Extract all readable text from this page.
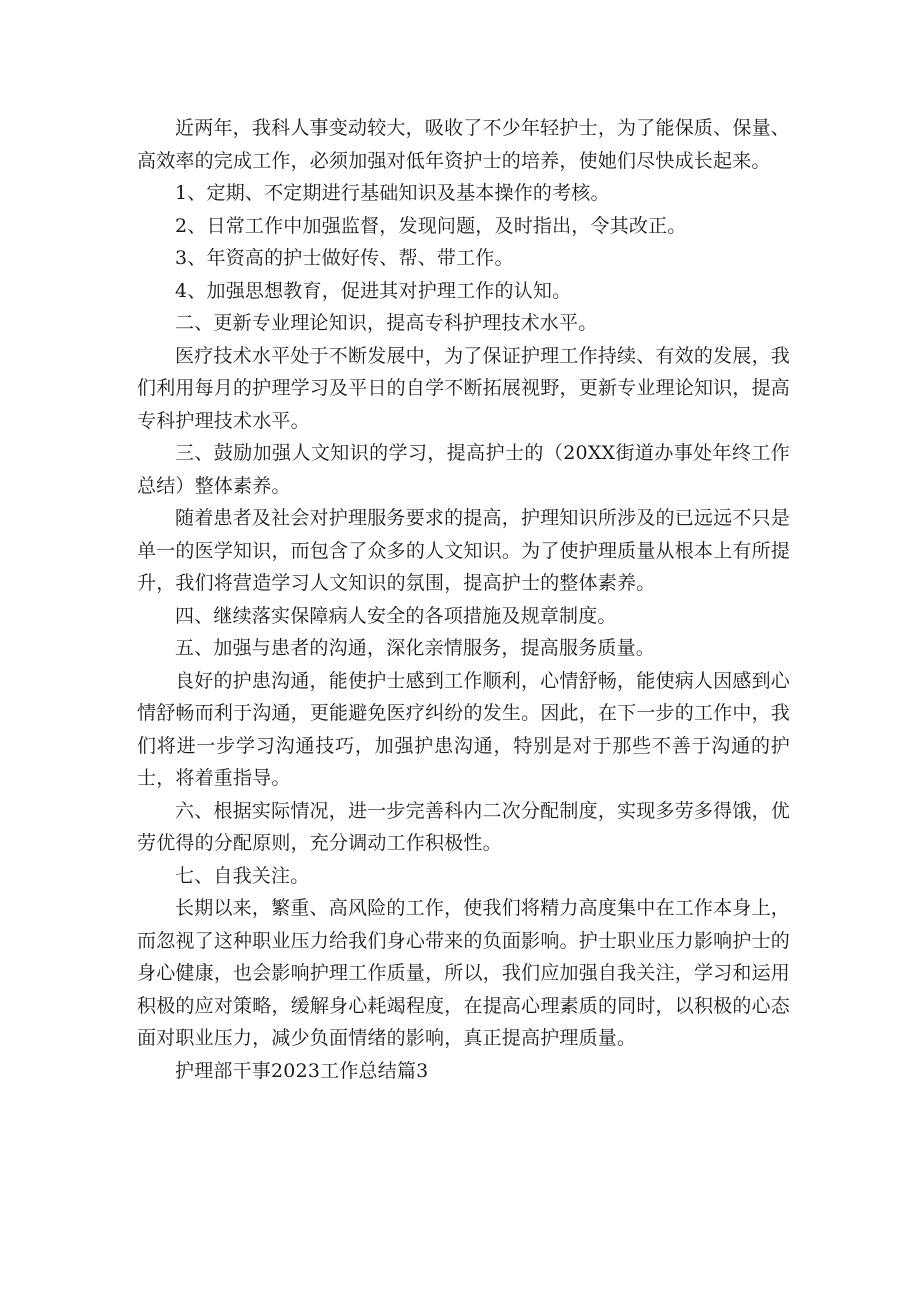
近两年，我科人事变动较大，吸收了不少年轻护士，为了能保质、保量、高效率的完成工作，必须加强对低年资护士的培养，使她们尽快成长起来。

1、定期、不定期进行基础知识及基本操作的考核。

2、日常工作中加强监督，发现问题，及时指出，令其改正。

3、年资高的护士做好传、帮、带工作。

4、加强思想教育，促进其对护理工作的认知。

二、更新专业理论知识，提高专科护理技术水平。

医疗技术水平处于不断发展中，为了保证护理工作持续、有效的发展，我们利用每月的护理学习及平日的自学不断拓展视野，更新专业理论知识，提高专科护理技术水平。

三、鼓励加强人文知识的学习，提高护士的（20XX街道办事处年终工作总结）整体素养。

随着患者及社会对护理服务要求的提高，护理知识所涉及的已远远不只是单一的医学知识，而包含了众多的人文知识。为了使护理质量从根本上有所提升，我们将营造学习人文知识的氛围，提高护士的整体素养。

四、继续落实保障病人安全的各项措施及规章制度。

五、加强与患者的沟通，深化亲情服务，提高服务质量。

良好的护患沟通，能使护士感到工作顺利，心情舒畅，能使病人因感到心情舒畅而利于沟通，更能避免医疗纠纷的发生。因此，在下一步的工作中，我们将进一步学习沟通技巧，加强护患沟通，特别是对于那些不善于沟通的护士，将着重指导。

六、根据实际情况，进一步完善科内二次分配制度，实现多劳多得饿，优劳优得的分配原则，充分调动工作积极性。

七、自我关注。

长期以来，繁重、高风险的工作，使我们将精力高度集中在工作本身上，而忽视了这种职业压力给我们身心带来的负面影响。护士职业压力影响护士的身心健康，也会影响护理工作质量，所以，我们应加强自我关注，学习和运用积极的应对策略，缓解身心耗竭程度，在提高心理素质的同时，以积极的心态面对职业压力，减少负面情绪的影响，真正提高护理质量。

护理部干事2023工作总结篇3
